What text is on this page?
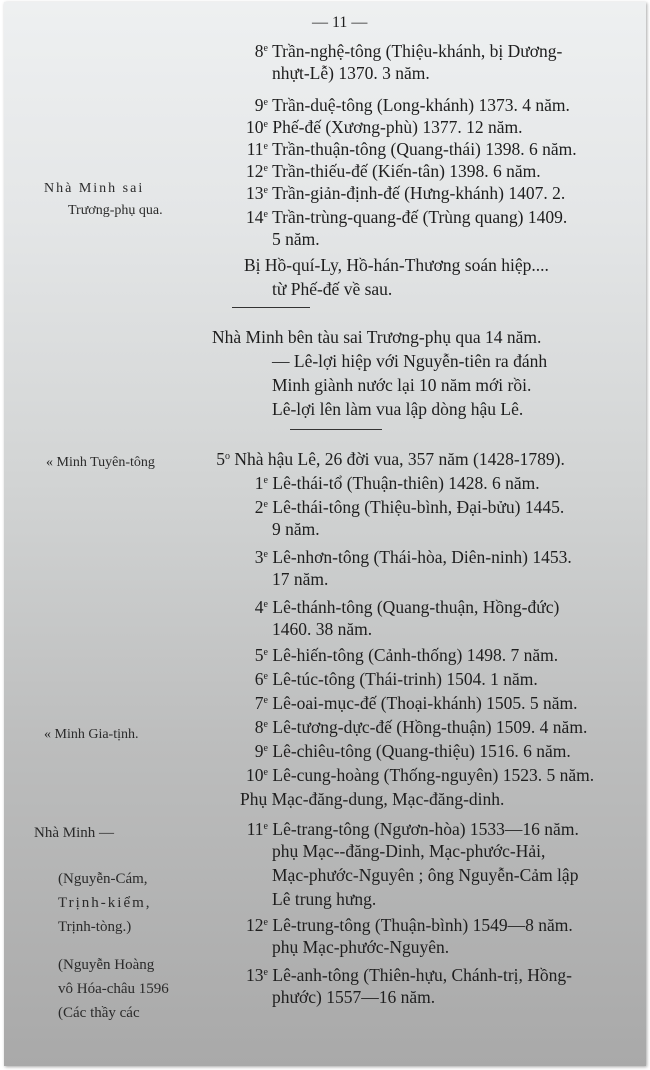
— 11 —
8e Trần-nghệ-tông (Thiệu-khánh, bị Dương-
nhựt-Lễ) 1370. 3 năm.
9e Trần-duệ-tông (Long-khánh) 1373. 4 năm.
10e Phế-đế (Xương-phù) 1377. 12 năm.
11e Trần-thuận-tông (Quang-thái) 1398. 6 năm.
12e Trần-thiếu-đế (Kiến-tân) 1398. 6 năm.
13e Trần-giản-định-đế (Hưng-khánh) 1407. 2.
14e Trần-trùng-quang-đế (Trùng quang) 1409.
5 năm.
Bị Hồ-quí-Ly, Hồ-hán-Thương soán hiệp....
từ Phế-đế về sau.
Nhà Minh bên tàu sai Trương-phụ qua 14 năm.
— Lê-lợi hiệp với Nguyễn-tiên ra đánh
Minh giành nước lại 10 năm mới rồi.
Lê-lợi lên làm vua lập dòng hậu Lê.
5$^o$ Nhà hậu Lê, 26 đời vua, 357 năm (1428-1789).
1e Lê-thái-tổ (Thuận-thiên) 1428. 6 năm.
2e Lê-thái-tông (Thiệu-bình, Đại-bửu) 1445.
9 năm.
3e Lê-nhơn-tông (Thái-hòa, Diên-ninh) 1453.
17 năm.
4e Lê-thánh-tông (Quang-thuận, Hồng-đức)
1460. 38 năm.
5e Lê-hiến-tông (Cảnh-thống) 1498. 7 năm.
6e Lê-túc-tông (Thái-trinh) 1504. 1 năm.
7e Lê-oai-mục-đế (Thoại-khánh) 1505. 5 năm.
8e Lê-tương-dực-đế (Hồng-thuận) 1509. 4 năm.
9e Lê-chiêu-tông (Quang-thiệu) 1516. 6 năm.
10e Lê-cung-hoàng (Thống-nguyên) 1523. 5 năm.
Phụ Mạc-đăng-dung, Mạc-đăng-dinh.
11e Lê-trang-tông (Ngươn-hòa) 1533—16 năm.
phụ Mạc--đăng-Dinh, Mạc-phước-Hải,
Mạc-phước-Nguyên ; ông Nguyễn-Cảm lập
Lê trung hưng.
12e Lê-trung-tông (Thuận-bình) 1549—8 năm.
phụ Mạc-phước-Nguyên.
13e Lê-anh-tông (Thiên-hựu, Chánh-trị, Hồng-
phước) 1557—16 năm.
Nhà Minh sai
Trương-phụ qua.
« Minh Tuyên-tông
« Minh Gia-tịnh.
Nhà Minh —
(Nguyễn-Cám,
Trịnh-kiểm,
Trịnh-tòng.)
(Nguyễn Hoàng
vô Hóa-châu 1596
(Các thầy các
